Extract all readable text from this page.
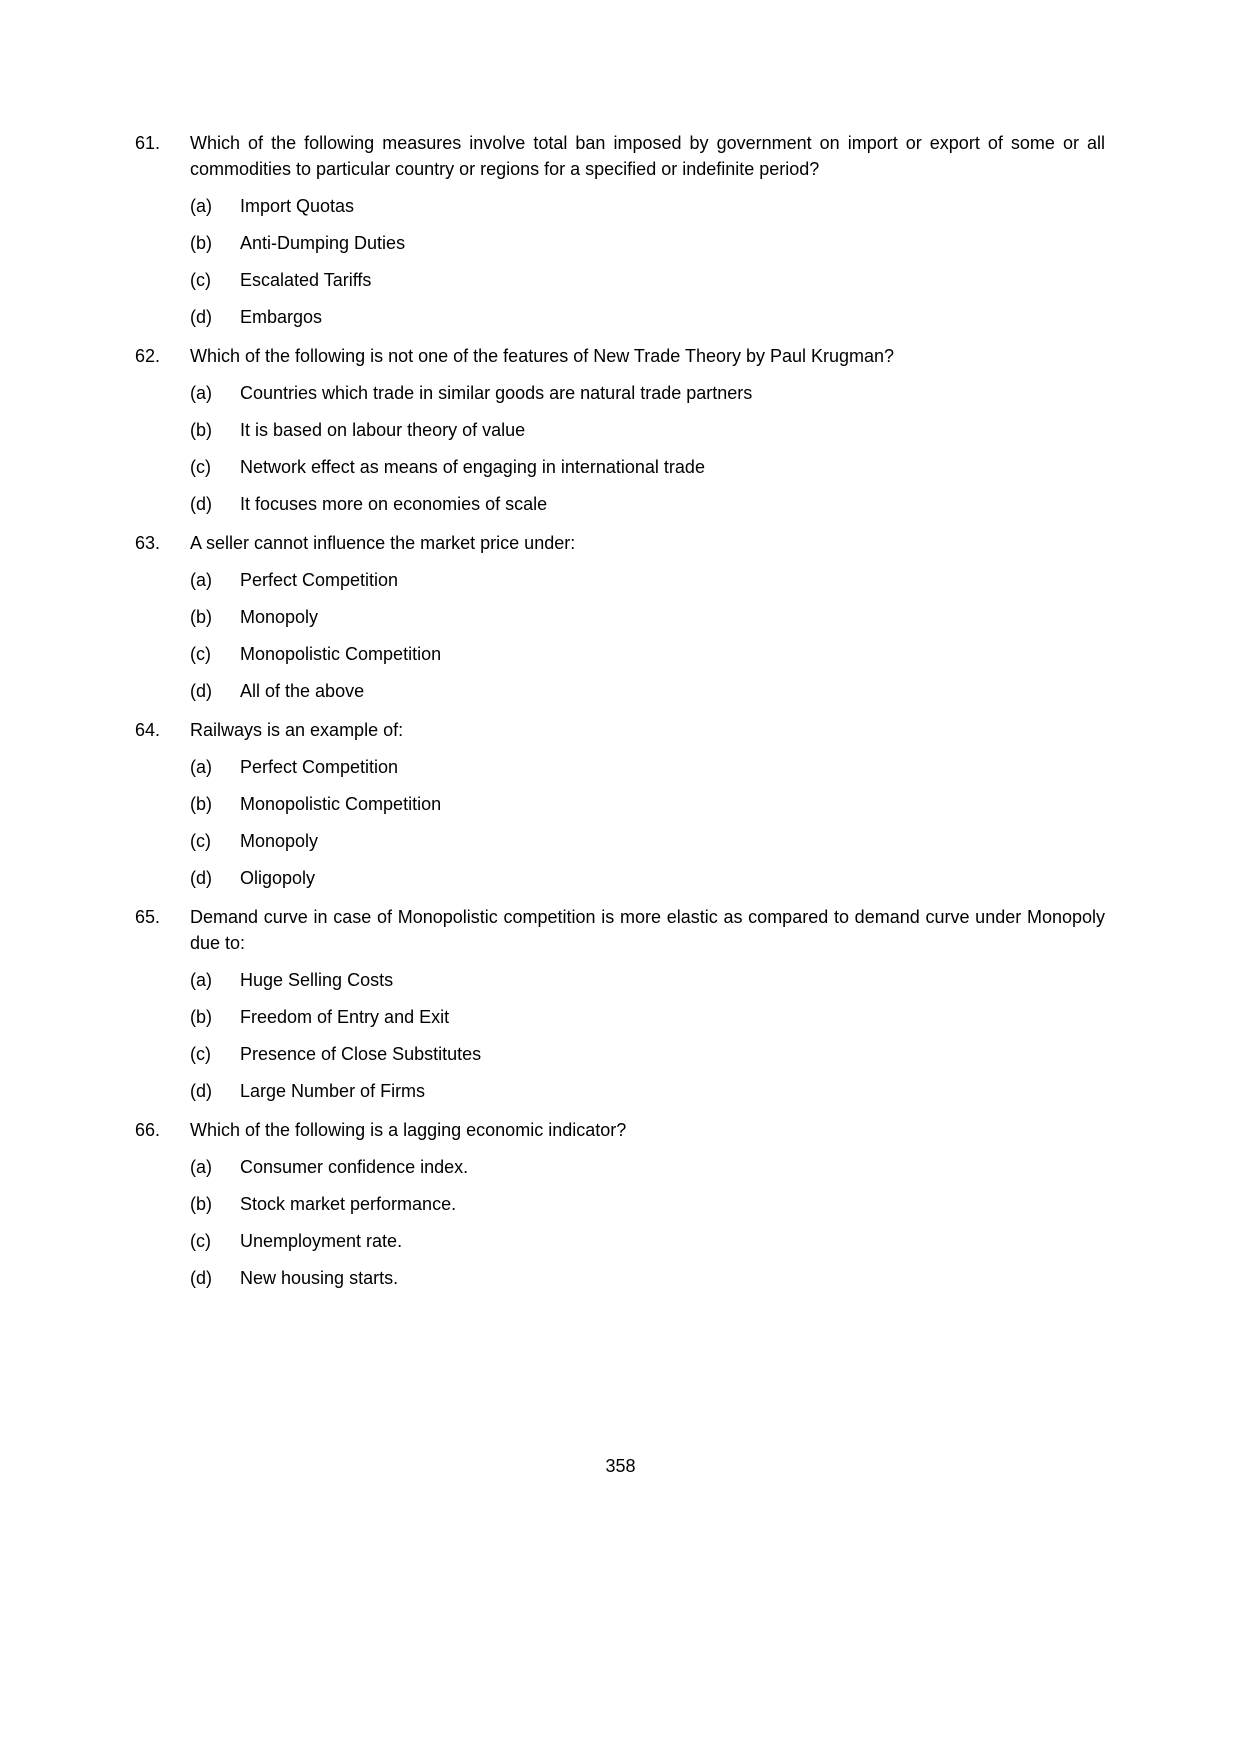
61.	Which of the following measures involve total ban imposed by government on import or export of some or all commodities to particular country or regions for a specified or indefinite period?
(a)	Import Quotas
(b)	Anti-Dumping Duties
(c)	Escalated Tariffs
(d)	Embargos
62.	Which of the following is not one of the features of New Trade Theory by Paul Krugman?
(a)	Countries which trade in similar goods are natural trade partners
(b)	It is based on labour theory of value
(c)	Network effect as means of engaging in international trade
(d)	It focuses more on economies of scale
63.	A seller cannot influence the market price under:
(a)	Perfect Competition
(b)	Monopoly
(c)	Monopolistic Competition
(d)	All of the above
64.	Railways is an example of:
(a)	Perfect Competition
(b)	Monopolistic Competition
(c)	Monopoly
(d)	Oligopoly
65.	Demand curve in case of Monopolistic competition is more elastic as compared to demand curve under Monopoly due to:
(a)	Huge Selling Costs
(b)	Freedom of Entry and Exit
(c)	Presence of Close Substitutes
(d)	Large Number of Firms
66.	Which of the following is a lagging economic indicator?
(a)	Consumer confidence index.
(b)	Stock market performance.
(c)	Unemployment rate.
(d)	New housing starts.
358
